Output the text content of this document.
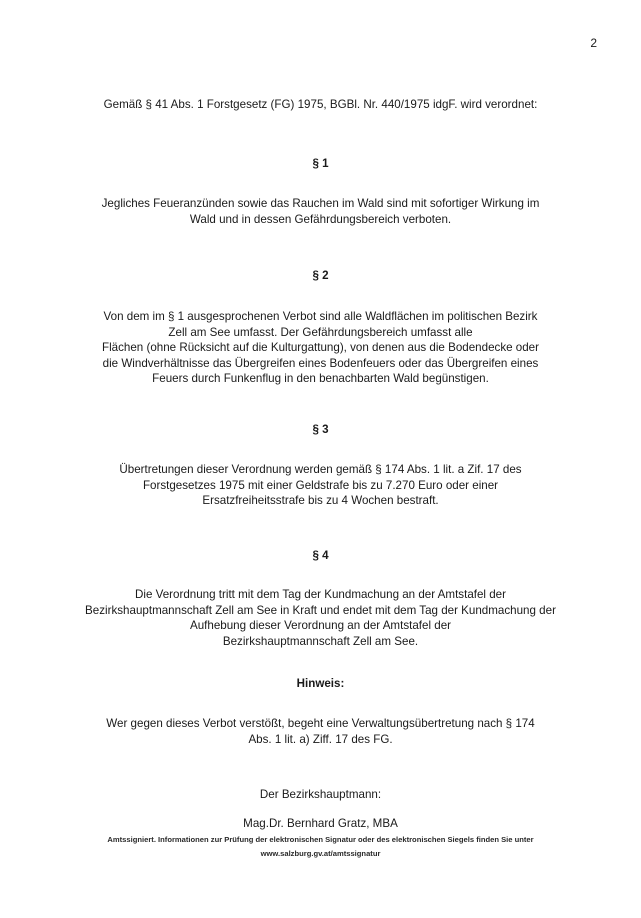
2

Gemäß § 41 Abs. 1 Forstgesetz (FG) 1975, BGBl. Nr. 440/1975 idgF. wird verordnet:

§ 1

Jegliches Feueranzünden sowie das Rauchen im Wald sind mit sofortiger Wirkung im
Wald und in dessen Gefährdungsbereich verboten.

§ 2

Von dem im § 1 ausgesprochenen Verbot sind alle Waldflächen im politischen Bezirk
Zell am See umfasst. Der Gefährdungsbereich umfasst alle
Flächen (ohne Rücksicht auf die Kulturgattung), von denen aus die Bodendecke oder
die Windverhältnisse das Übergreifen eines Bodenfeuers oder das Übergreifen eines
Feuers durch Funkenflug in den benachbarten Wald begünstigen.

§ 3

Übertretungen dieser Verordnung werden gemäß § 174 Abs. 1 lit. a Zif. 17 des
Forstgesetzes 1975 mit einer Geldstrafe bis zu 7.270 Euro oder einer
Ersatzfreiheitsstrafe bis zu 4 Wochen bestraft.

§ 4

Die Verordnung tritt mit dem Tag der Kundmachung an der Amtstafel der
Bezirkshauptmannschaft Zell am See in Kraft und endet mit dem Tag der Kundmachung der
Aufhebung dieser Verordnung an der Amtstafel der
Bezirkshauptmannschaft Zell am See.

Hinweis:

Wer gegen dieses Verbot verstößt, begeht eine Verwaltungsübertretung nach § 174
Abs. 1 lit. a) Ziff. 17 des FG.

Der Bezirkshauptmann:

Mag.Dr. Bernhard Gratz, MBA

Amtssigniert. Informationen zur Prüfung der elektronischen Signatur oder des elektronischen Siegels finden Sie unter
www.salzburg.gv.at/amtssignatur
